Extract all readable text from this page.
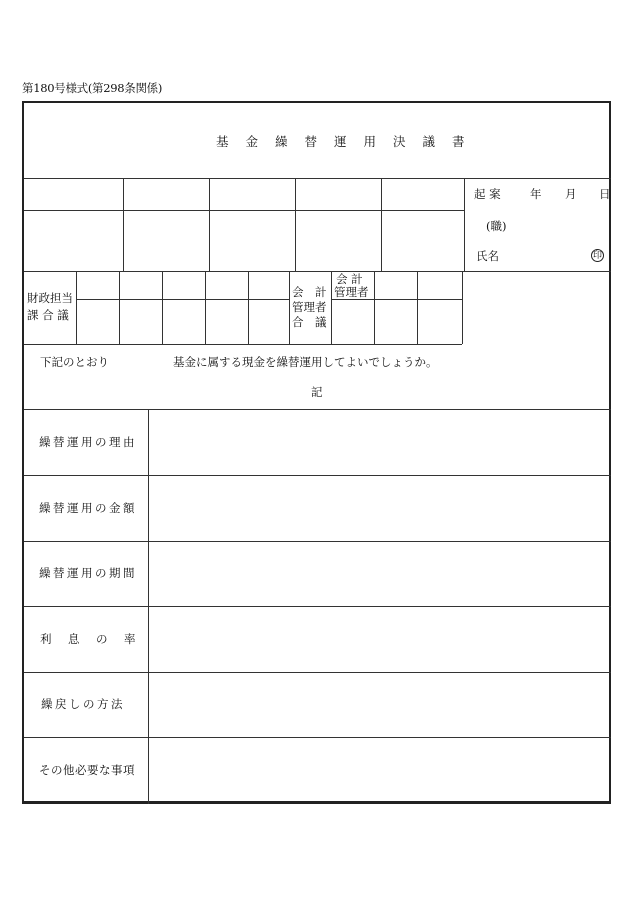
第180号様式(第298条関係)
基金繰替運用決議書
起 案	年 月 日
(職)
氏名	印
財政担当
課 合 議
会　計
管理者
合　議
会 計
管理者
下記のとおり	基金に属する現金を繰替運用してよいでしょうか。
記
繰替運用の理由
繰替運用の金額
繰替運用の期間
利　息　の　率
繰戻しの方法
その他必要な事項
